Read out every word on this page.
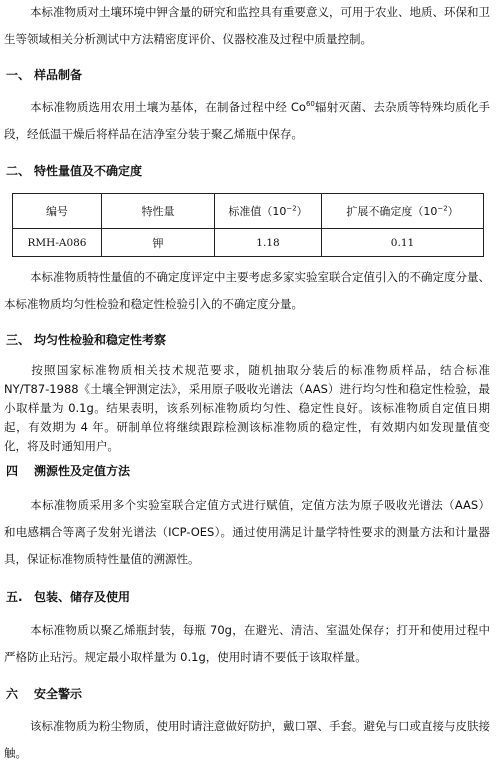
本标准物质对土壤环境中钾含量的研究和监控具有重要意义，可用于农业、地质、环保和卫生等领域相关分析测试中方法精密度评价、仪器校准及过程中质量控制。

一、 样品制备

本标准物质选用农用土壤为基体，在制备过程中经 Co$^{60}$辐射灭菌、去杂质等特殊均质化手段，经低温干燥后将样品在洁净室分装于聚乙烯瓶中保存。

二、 特性量值及不确定度
编号	特性量	标准值$(10^{-2})$	扩展不确定度$(10^{-2})$
RMH-A086	钾	1.18	0.11

本标准物质特性量值的不确定度评定中主要考虑多家实验室联合定值引入的不确定度分量、本标准物质均匀性检验和稳定性检验引入的不确定度分量。

三、 均匀性检验和稳定性考察

按照国家标准物质相关技术规范要求，随机抽取分装后的标准物质样品，结合标准 NY/T87-1988《土壤全钾测定法》，采用原子吸收光谱法（AAS）进行均匀性和稳定性检验，最小取样量为 0.1g。结果表明，该系列标准物质均匀性、稳定性良好。该标准物质自定值日期起，有效期为 4 年。研制单位将继续跟踪检测该标准物质的稳定性，有效期内如发现量值变化，将及时通知用户。

四 溯源性及定值方法

本标准物质采用多个实验室联合定值方式进行赋值，定值方法为原子吸收光谱法（AAS）和电感耦合等离子发射光谱法（ICP-OES）。通过使用满足计量学特性要求的测量方法和计量器具，保证标准物质特性量值的溯源性。

五. 包装、储存及使用

本标准物质以聚乙烯瓶封装，每瓶 70g，在避光、清洁、室温处保存；打开和使用过程中严格防止玷污。规定最小取样量为 0.1g，使用时请不要低于该取样量。

六 安全警示

该标准物质为粉尘物质，使用时请注意做好防护，戴口罩、手套。避免与口或直接与皮肤接触。
